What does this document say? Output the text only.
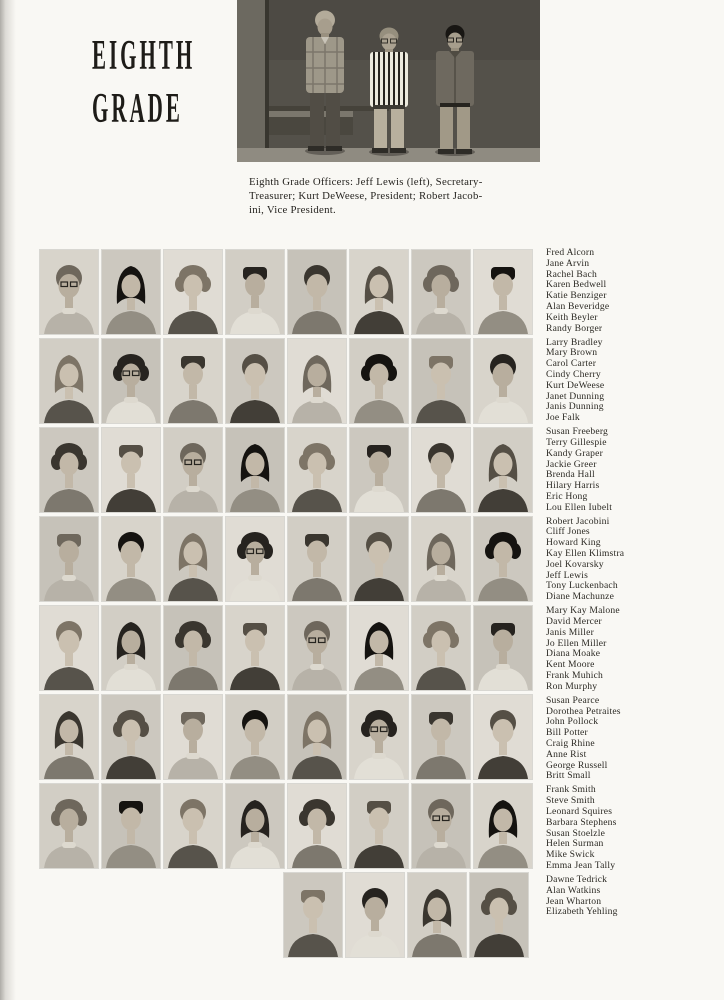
EIGHTH
GRADE
Eighth Grade Officers: Jeff Lewis (left), Secretary-
Treasurer; Kurt DeWeese, President; Robert Jacob-
ini, Vice President.
Fred Alcorn
Jane Arvin
Rachel Bach
Karen Bedwell
Katie Benziger
Alan Beveridge
Keith Beyler
Randy Borger
Larry Bradley
Mary Brown
Carol Carter
Cindy Cherry
Kurt DeWeese
Janet Dunning
Janis Dunning
Joe Falk
Susan Freeberg
Terry Gillespie
Kandy Graper
Jackie Greer
Brenda Hall
Hilary Harris
Eric Hong
Lou Ellen Iubelt
Robert Jacobini
Cliff Jones
Howard King
Kay Ellen Klimstra
Joel Kovarsky
Jeff Lewis
Tony Luckenbach
Diane Machunze
Mary Kay Malone
David Mercer
Janis Miller
Jo Ellen Miller
Diana Moake
Kent Moore
Frank Muhich
Ron Murphy
Susan Pearce
Dorothea Petraites
John Pollock
Bill Potter
Craig Rhine
Anne Rist
George Russell
Britt Small
Frank Smith
Steve Smith
Leonard Squires
Barbara Stephens
Susan Stoelzle
Helen Surman
Mike Swick
Emma Jean Tally
Dawne Tedrick
Alan Watkins
Jean Wharton
Elizabeth Yehling
